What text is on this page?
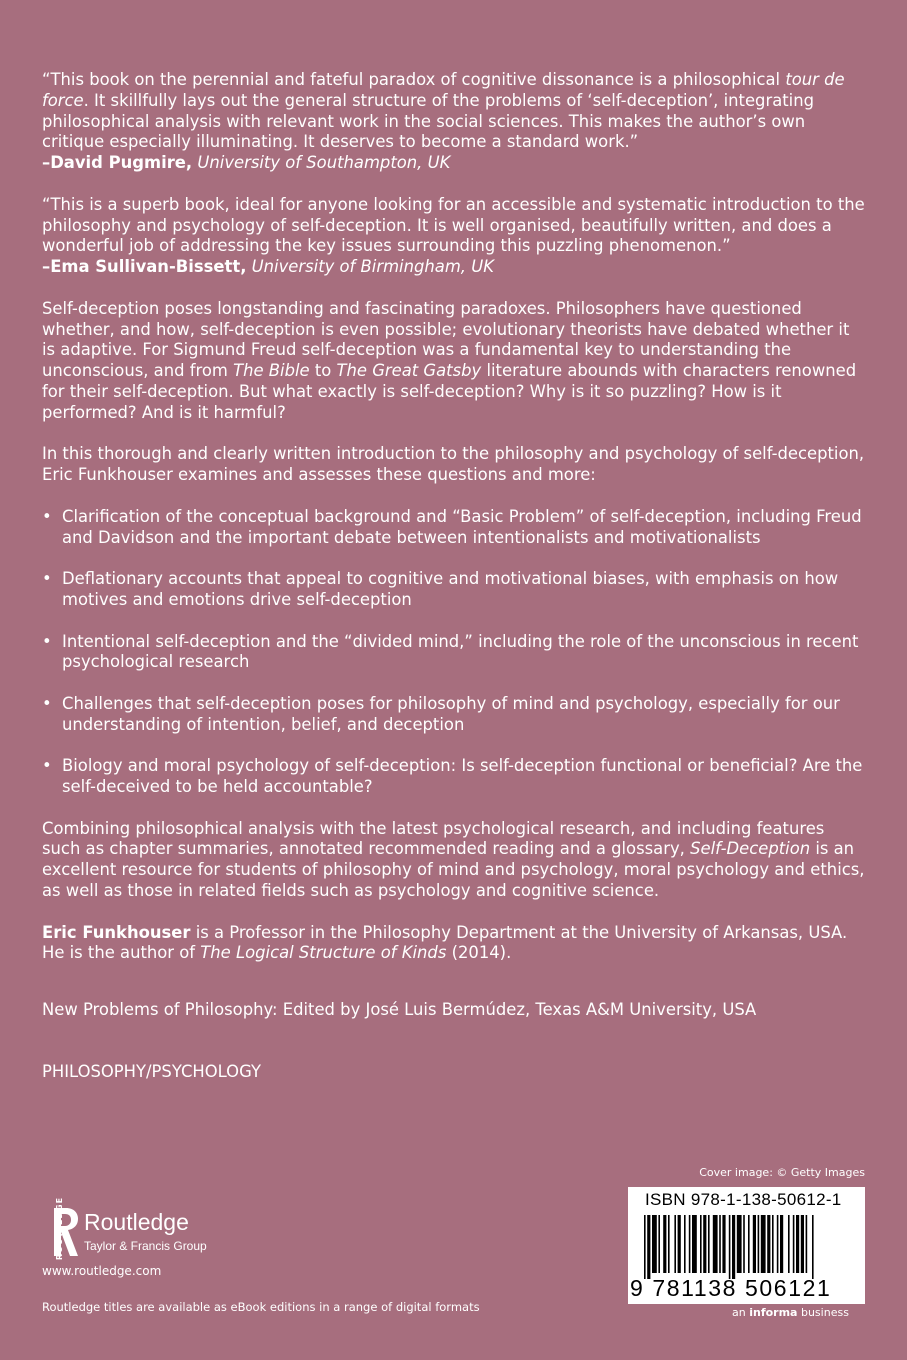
“This book on the perennial and fateful paradox of cognitive dissonance is a philosophical tour de force. It skillfully lays out the general structure of the problems of ‘self-deception’, integrating philosophical analysis with relevant work in the social sciences. This makes the author’s own critique especially illuminating. It deserves to become a standard work.”
–David Pugmire, University of Southampton, UK

“This is a superb book, ideal for anyone looking for an accessible and systematic introduction to the philosophy and psychology of self-deception. It is well organised, beautifully written, and does a wonderful job of addressing the key issues surrounding this puzzling phenomenon.”
–Ema Sullivan-Bissett, University of Birmingham, UK

Self-deception poses longstanding and fascinating paradoxes. Philosophers have questioned whether, and how, self-deception is even possible; evolutionary theorists have debated whether it is adaptive. For Sigmund Freud self-deception was a fundamental key to understanding the unconscious, and from The Bible to The Great Gatsby literature abounds with characters renowned for their self-deception. But what exactly is self-deception? Why is it so puzzling? How is it performed? And is it harmful?

In this thorough and clearly written introduction to the philosophy and psychology of self-deception, Eric Funkhouser examines and assesses these questions and more:

• Clarification of the conceptual background and “Basic Problem” of self-deception, including Freud and Davidson and the important debate between intentionalists and motivationalists
• Deflationary accounts that appeal to cognitive and motivational biases, with emphasis on how motives and emotions drive self-deception
• Intentional self-deception and the “divided mind,” including the role of the unconscious in recent psychological research
• Challenges that self-deception poses for philosophy of mind and psychology, especially for our understanding of intention, belief, and deception
• Biology and moral psychology of self-deception: Is self-deception functional or beneficial? Are the self-deceived to be held accountable?

Combining philosophical analysis with the latest psychological research, and including features such as chapter summaries, annotated recommended reading and a glossary, Self-Deception is an excellent resource for students of philosophy of mind and psychology, moral psychology and ethics, as well as those in related fields such as psychology and cognitive science.

Eric Funkhouser is a Professor in the Philosophy Department at the University of Arkansas, USA. He is the author of The Logical Structure of Kinds (2014).

New Problems of Philosophy: Edited by José Luis Bermúdez, Texas A&M University, USA
PHILOSOPHY/PSYCHOLOGY
Cover image: © Getty Images
ISBN 978-1-138-50612-1
9 781138 506121
an informa business
Routledge
Taylor & Francis Group
www.routledge.com
Routledge titles are available as eBook editions in a range of digital formats
